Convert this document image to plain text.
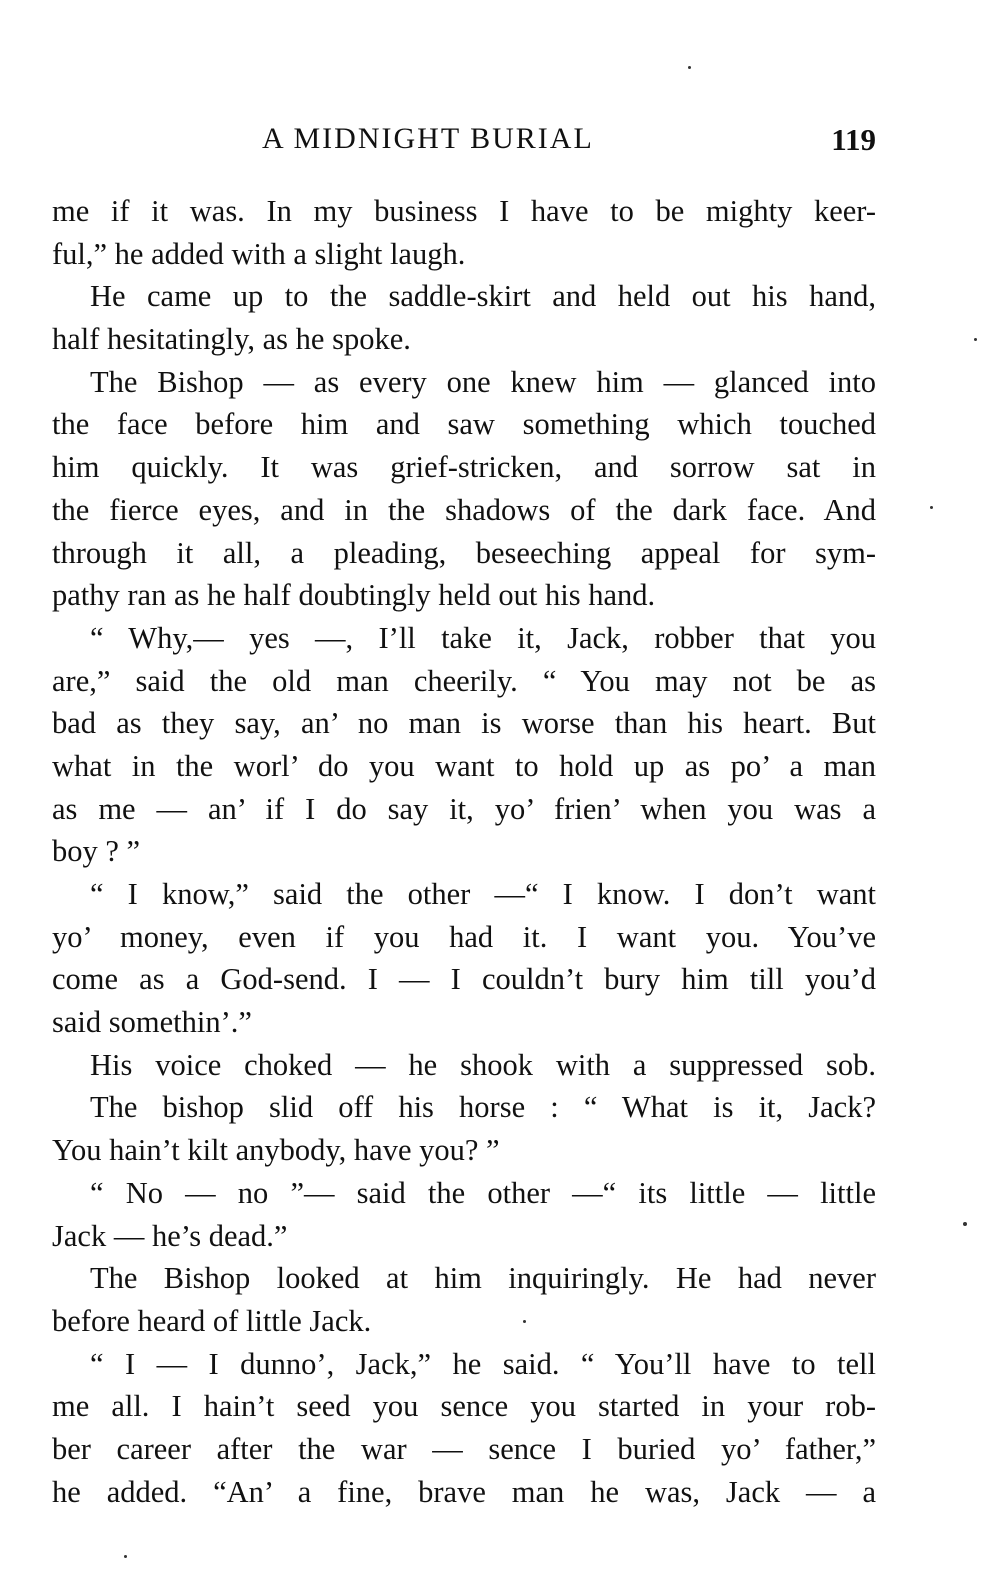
A MIDNIGHT BURIAL	119
me if it was. In my business I have to be mighty keer-
ful,” he added with a slight laugh.
He came up to the saddle-skirt and held out his hand,
half hesitatingly, as he spoke.
The Bishop — as every one knew him — glanced into
the face before him and saw something which touched
him quickly. It was grief-stricken, and sorrow sat in
the fierce eyes, and in the shadows of the dark face. And
through it all, a pleading, beseeching appeal for sym-
pathy ran as he half doubtingly held out his hand.
“ Why,— yes —, I’ll take it, Jack, robber that you
are,” said the old man cheerily. “ You may not be as
bad as they say, an’ no man is worse than his heart. But
what in the worl’ do you want to hold up as po’ a man
as me — an’ if I do say it, yo’ frien’ when you was a
boy ? ”
“ I know,” said the other —“ I know. I don’t want
yo’ money, even if you had it. I want you. You’ve
come as a God-send. I — I couldn’t bury him till you’d
said somethin’.”
His voice choked — he shook with a suppressed sob.
The bishop slid off his horse : “ What is it, Jack?
You hain’t kilt anybody, have you? ”
“ No — no ”— said the other —“ its little — little
Jack — he’s dead.”
The Bishop looked at him inquiringly. He had never
before heard of little Jack.
“ I — I dunno’, Jack,” he said. “ You’ll have to tell
me all. I hain’t seed you sence you started in your rob-
ber career after the war — sence I buried yo’ father,”
he added. “An’ a fine, brave man he was, Jack — a
